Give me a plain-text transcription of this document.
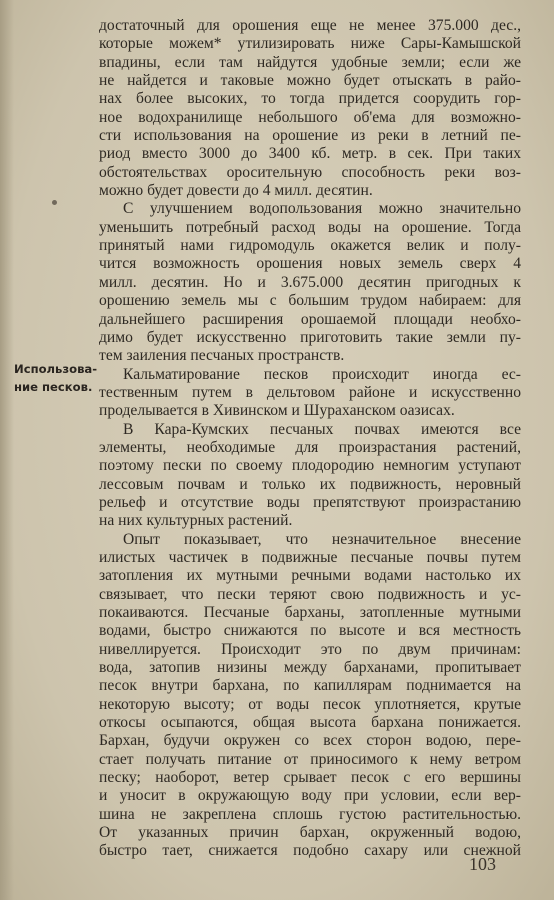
Использова-
ние песков.
достаточный для орошения еще не менее 375.000 дес.,
которые можем* утилизировать ниже Сары-Камышской
впадины, если там найдутся удобные земли; если же
не найдется и таковые можно будет отыскать в райо-
нах более высоких, то тогда придется соорудить гор-
ное водохранилище небольшого об'ема для возможно-
сти использования на орошение из реки в летний пе-
риод вместо 3000 до 3400 кб. метр. в сек. При таких
обстоятельствах оросительную способность реки воз-
можно будет довести до 4 милл. десятин.
С улучшением водопользования можно значительно
уменьшить потребный расход воды на орошение. Тогда
принятый нами гидромодуль окажется велик и полу-
чится возможность орошения новых земель сверх 4
милл. десятин. Но и 3.675.000 десятин пригодных к
орошению земель мы с большим трудом набираем: для
дальнейшего расширения орошаемой площади необхо-
димо будет искусственно приготовить такие земли пу-
тем заиления песчаных пространств.
Кальматирование песков происходит иногда ес-
тественным путем в дельтовом районе и искусственно
проделывается в Хивинском и Шураханском оазисах.
В Кара-Кумских песчаных почвах имеются все
элементы, необходимые для произрастания растений,
поэтому пески по своему плодородию немногим уступают
лессовым почвам и только их подвижность, неровный
рельеф и отсутствие воды препятствуют произрастанию
на них культурных растений.
Опыт показывает, что незначительное внесение
илистых частичек в подвижные песчаные почвы путем
затопления их мутными речными водами настолько их
связывает, что пески теряют свою подвижность и ус-
покаиваются. Песчаные барханы, затопленные мутными
водами, быстро снижаются по высоте и вся местность
нивеллируется. Происходит это по двум причинам:
вода, затопив низины между барханами, пропитывает
песок внутри бархана, по капиллярам поднимается на
некоторую высоту; от воды песок уплотняется, крутые
откосы осыпаются, общая высота бархана понижается.
Бархан, будучи окружен со всех сторон водою, пере-
стает получать питание от приносимого к нему ветром
песку; наоборот, ветер срывает песок с его вершины
и уносит в окружающую воду при условии, если вер-
шина не закреплена сплошь густою растительностью.
От указанных причин бархан, окруженный водою,
быстро тает, снижается подобно сахару или снежной
103
